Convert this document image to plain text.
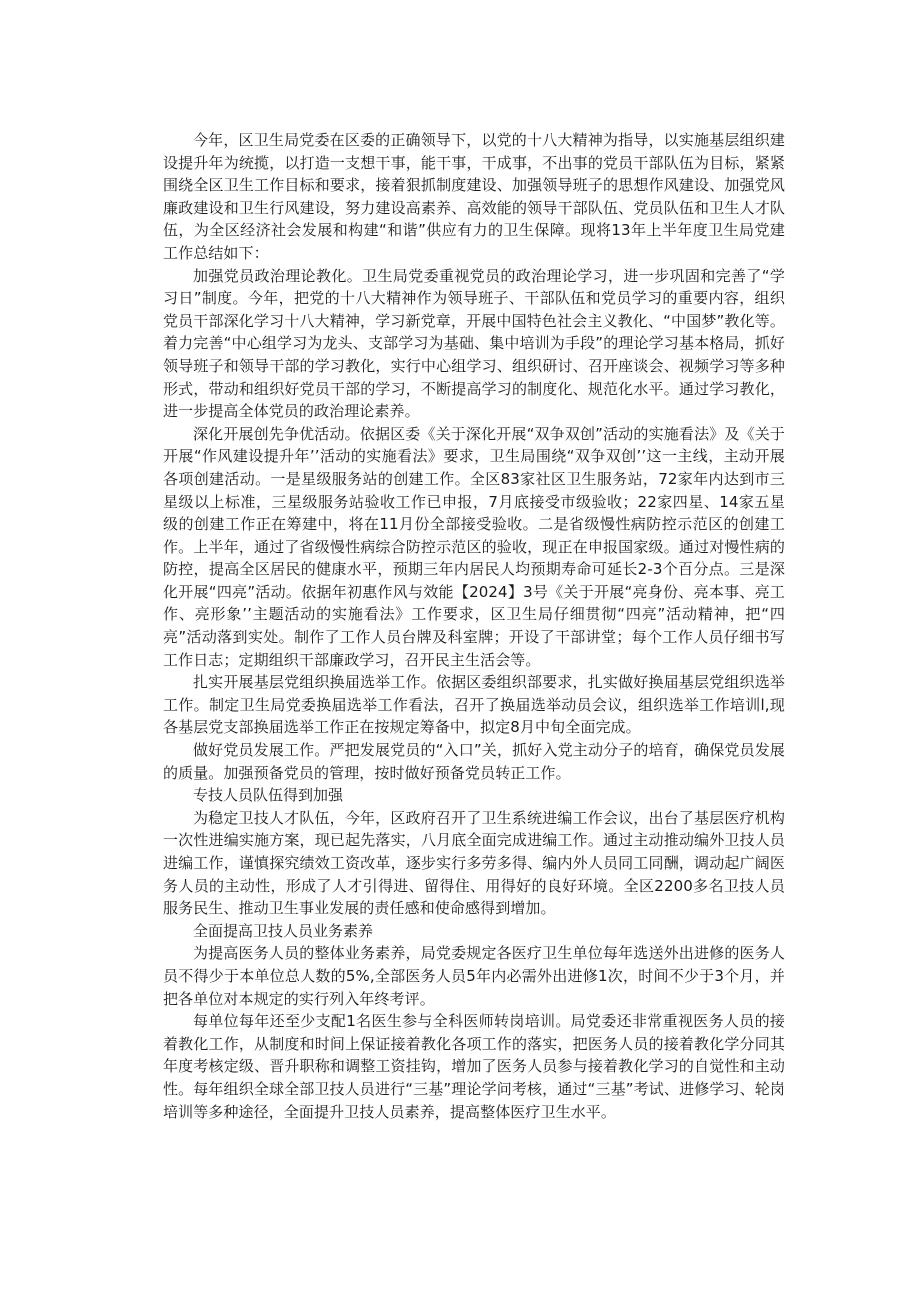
今年，区卫生局党委在区委的正确领导下，以党的十八大精神为指导，以实施基层组织建设提升年为统揽，以打造一支想干事，能干事，干成事，不出事的党员干部队伍为目标，紧紧围绕全区卫生工作目标和要求，接着狠抓制度建设、加强领导班子的思想作风建设、加强党风廉政建设和卫生行风建设，努力建设高素养、高效能的领导干部队伍、党员队伍和卫生人才队伍，为全区经济社会发展和构建“和谐”供应有力的卫生保障。现将13年上半年度卫生局党建工作总结如下：

加强党员政治理论教化。卫生局党委重视党员的政治理论学习，进一步巩固和完善了“学习日”制度。今年，把党的十八大精神作为领导班子、干部队伍和党员学习的重要内容，组织党员干部深化学习十八大精神，学习新党章，开展中国特色社会主义教化、“中国梦”教化等。着力完善“中心组学习为龙头、支部学习为基础、集中培训为手段”的理论学习基本格局，抓好领导班子和领导干部的学习教化，实行中心组学习、组织研讨、召开座谈会、视频学习等多种形式，带动和组织好党员干部的学习，不断提高学习的制度化、规范化水平。通过学习教化，进一步提高全体党员的政治理论素养。

深化开展创先争优活动。依据区委《关于深化开展“双争双创”活动的实施看法》及《关于开展“作风建设提升年’’活动的实施看法》要求，卫生局围绕“双争双创’’这一主线，主动开展各项创建活动。一是星级服务站的创建工作。全区83家社区卫生服务站，72家年内达到市三星级以上标准，三星级服务站验收工作已申报，7月底接受市级验收；22家四星、14家五星级的创建工作正在筹建中，将在11月份全部接受验收。二是省级慢性病防控示范区的创建工作。上半年，通过了省级慢性病综合防控示范区的验收，现正在申报国家级。通过对慢性病的防控，提高全区居民的健康水平，预期三年内居民人均预期寿命可延长2-3个百分点。三是深化开展“四亮”活动。依据年初惠作风与效能【2024】3号《关于开展“亮身份、亮本事、亮工作、亮形象’’主题活动的实施看法》工作要求，区卫生局仔细贯彻“四亮”活动精神，把“四亮”活动落到实处。制作了工作人员台牌及科室牌；开设了干部讲堂；每个工作人员仔细书写工作日志；定期组织干部廉政学习，召开民主生活会等。

扎实开展基层党组织换届选举工作。依据区委组织部要求，扎实做好换届基层党组织选举工作。制定卫生局党委换届选举工作看法，召开了换届选举动员会议，组织选举工作培训l,现各基层党支部换届选举工作正在按规定筹备中，拟定8月中旬全面完成。

做好党员发展工作。严把发展党员的“入口”关，抓好入党主动分子的培育，确保党员发展的质量。加强预备党员的管理，按时做好预备党员转正工作。

专技人员队伍得到加强

为稳定卫技人才队伍，今年，区政府召开了卫生系统进编工作会议，出台了基层医疗机构一次性进编实施方案，现已起先落实，八月底全面完成进编工作。通过主动推动编外卫技人员进编工作，谨慎探究绩效工资改革，逐步实行多劳多得、编内外人员同工同酬，调动起广阔医务人员的主动性，形成了人才引得进、留得住、用得好的良好环境。全区2200多名卫技人员服务民生、推动卫生事业发展的责任感和使命感得到增加。

全面提高卫技人员业务素养

为提高医务人员的整体业务素养，局党委规定各医疗卫生单位每年选送外出进修的医务人员不得少于本单位总人数的5%,全部医务人员5年内必需外出进修1次，时间不少于3个月，并把各单位对本规定的实行列入年终考评。

每单位每年还至少支配1名医生参与全科医师转岗培训。局党委还非常重视医务人员的接着教化工作，从制度和时间上保证接着教化各项工作的落实，把医务人员的接着教化学分同其年度考核定级、晋升职称和调整工资挂钩，增加了医务人员参与接着教化学习的自觉性和主动性。每年组织全球全部卫技人员进行“三基”理论学问考核，通过“三基”考试、进修学习、轮岗培训等多种途径，全面提升卫技人员素养，提高整体医疗卫生水平。
